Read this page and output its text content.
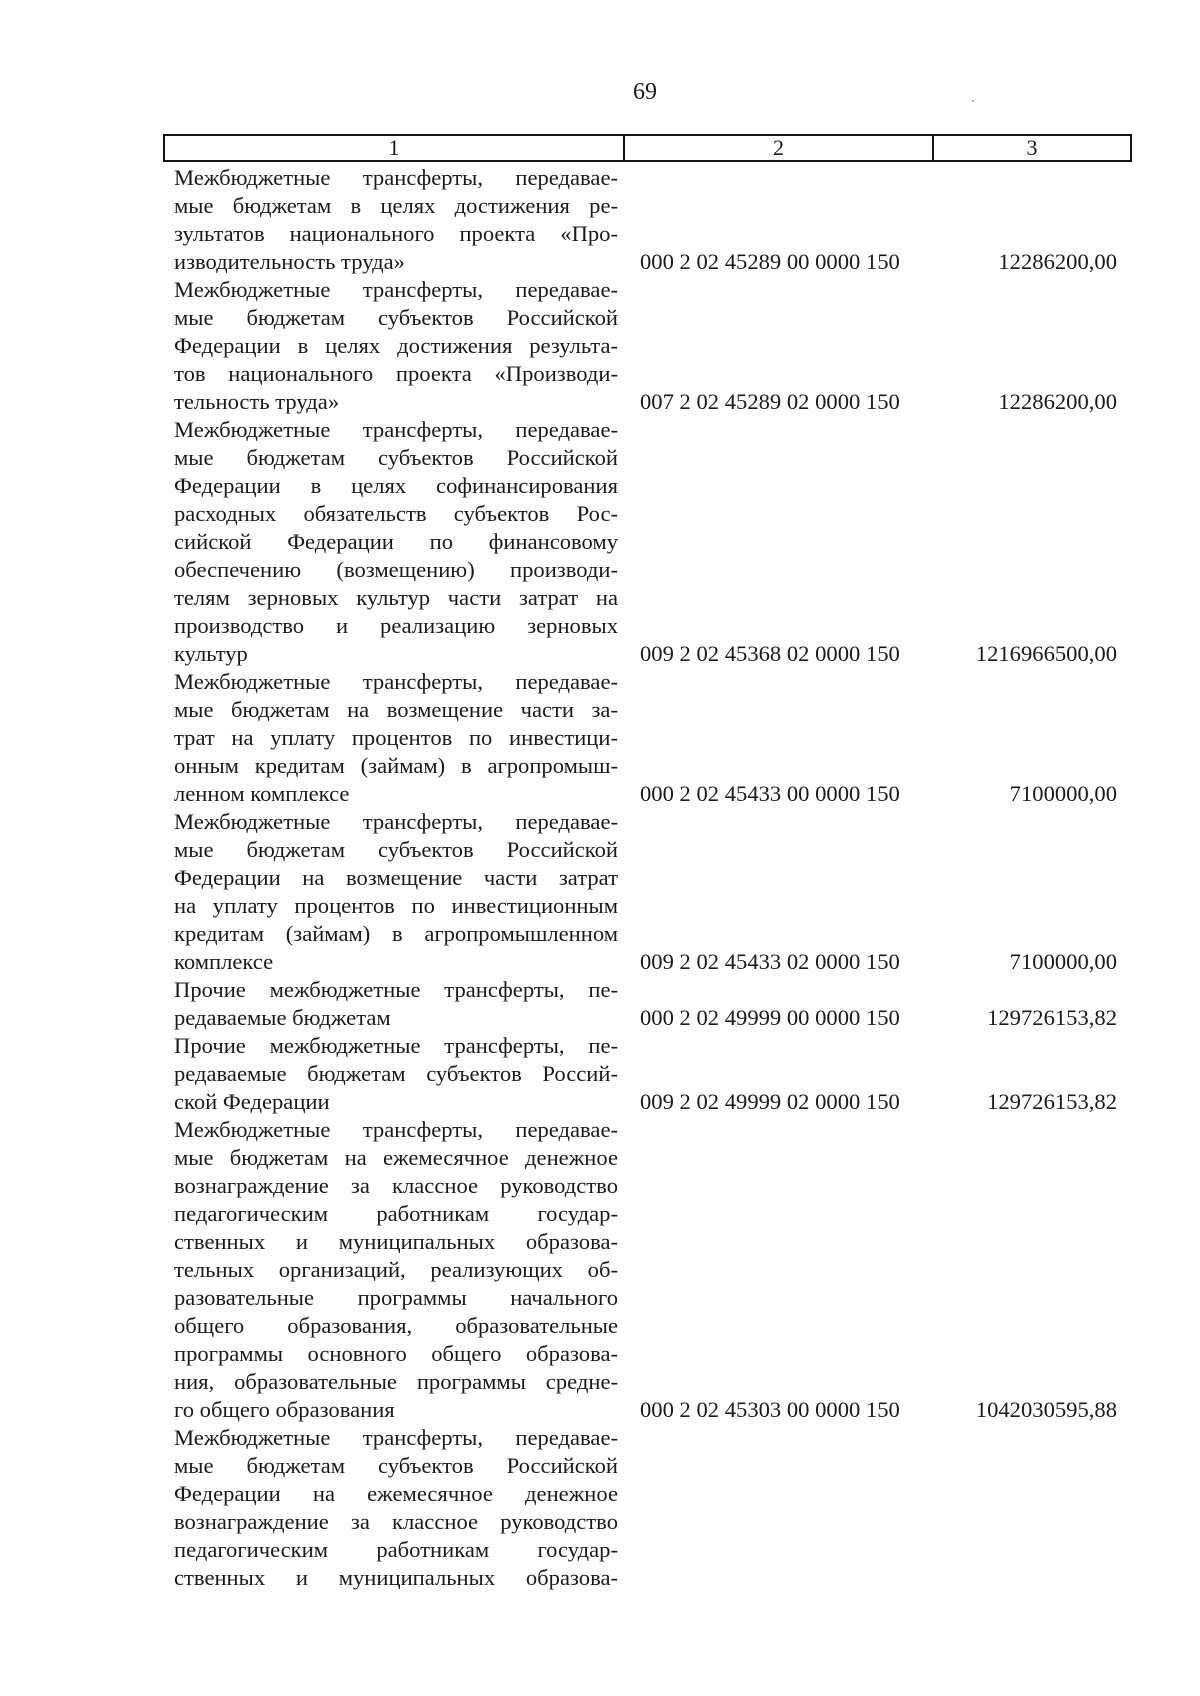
69
1	2	3
Межбюджетные трансферты, передавае-
мые бюджетам в целях достижения ре-
зультатов национального проекта «Про-
изводительность труда»	000 2 02 45289 00 0000 150	12286200,00
Межбюджетные трансферты, передавае-
мые бюджетам субъектов Российской
Федерации в целях достижения результа-
тов национального проекта «Производи-
тельность труда»	007 2 02 45289 02 0000 150	12286200,00
Межбюджетные трансферты, передавае-
мые бюджетам субъектов Российской
Федерации в целях софинансирования
расходных обязательств субъектов Рос-
сийской Федерации по финансовому
обеспечению (возмещению) производи-
телям зерновых культур части затрат на
производство и реализацию зерновых
культур	009 2 02 45368 02 0000 150	1216966500,00
Межбюджетные трансферты, передавае-
мые бюджетам на возмещение части за-
трат на уплату процентов по инвестици-
онным кредитам (займам) в агропромыш-
ленном комплексе	000 2 02 45433 00 0000 150	7100000,00
Межбюджетные трансферты, передавае-
мые бюджетам субъектов Российской
Федерации на возмещение части затрат
на уплату процентов по инвестиционным
кредитам (займам) в агропромышленном
комплексе	009 2 02 45433 02 0000 150	7100000,00
Прочие межбюджетные трансферты, пе-
редаваемые бюджетам	000 2 02 49999 00 0000 150	129726153,82
Прочие межбюджетные трансферты, пе-
редаваемые бюджетам субъектов Россий-
ской Федерации	009 2 02 49999 02 0000 150	129726153,82
Межбюджетные трансферты, передавае-
мые бюджетам на ежемесячное денежное
вознаграждение за классное руководство
педагогическим работникам государ-
ственных и муниципальных образова-
тельных организаций, реализующих об-
разовательные программы начального
общего образования, образовательные
программы основного общего образова-
ния, образовательные программы средне-
го общего образования	000 2 02 45303 00 0000 150	1042030595,88
Межбюджетные трансферты, передавае-
мые бюджетам субъектов Российской
Федерации на ежемесячное денежное
вознаграждение за классное руководство
педагогическим работникам государ-
ственных и муниципальных образова-
